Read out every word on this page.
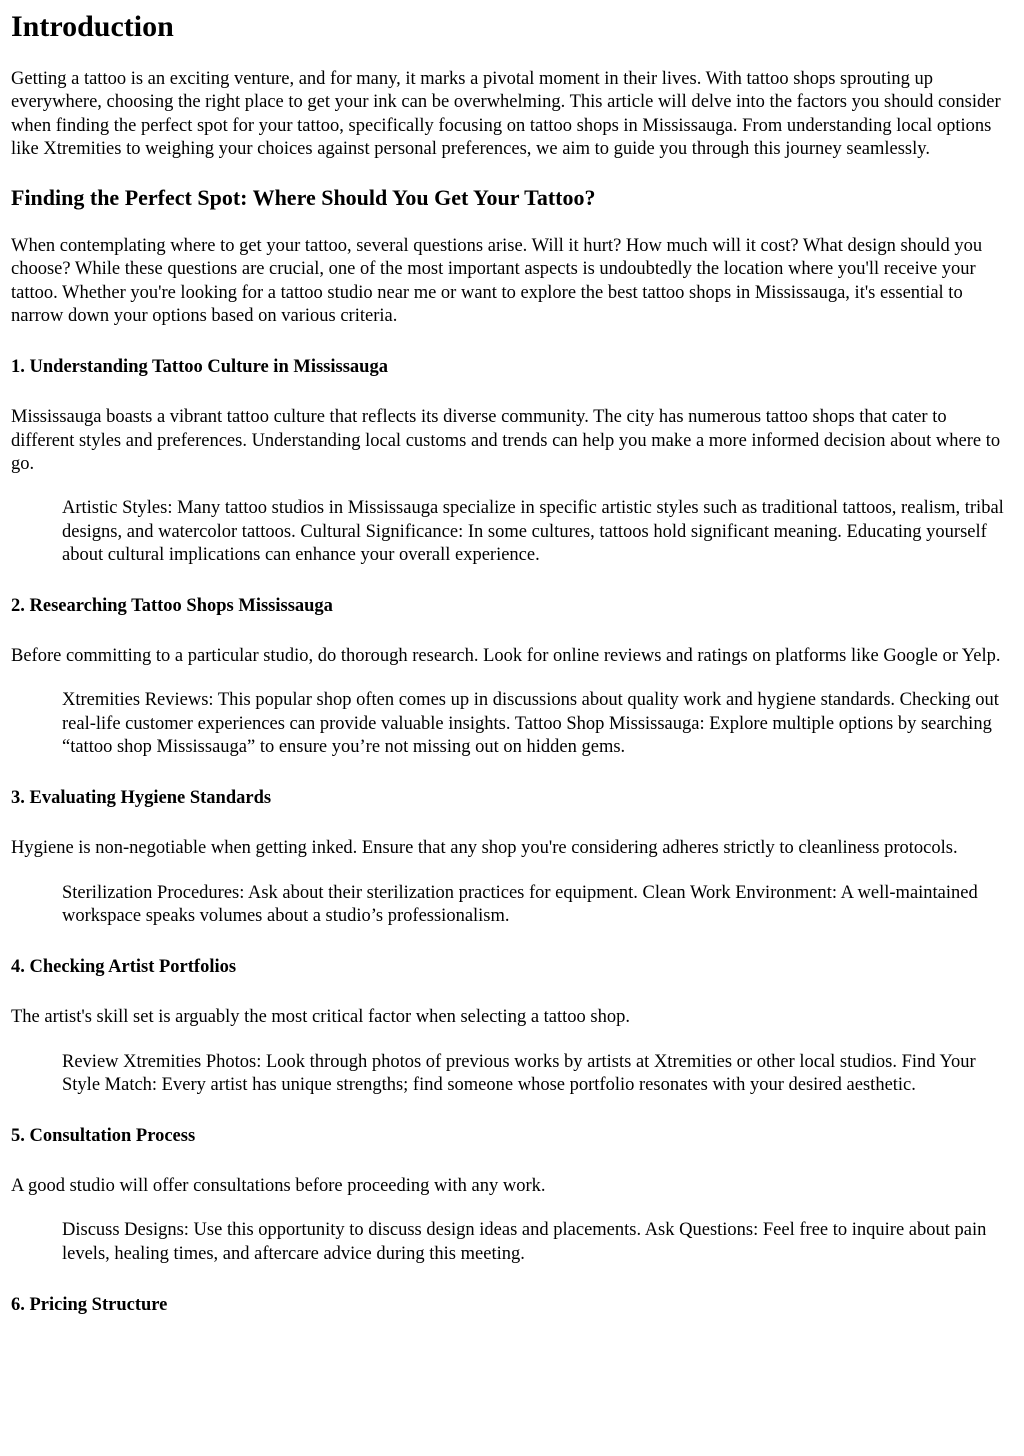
Introduction

Getting a tattoo is an exciting venture, and for many, it marks a pivotal moment in their lives. With tattoo shops sprouting up everywhere, choosing the right place to get your ink can be overwhelming. This article will delve into the factors you should consider when finding the perfect spot for your tattoo, specifically focusing on tattoo shops in Mississauga. From understanding local options like Xtremities to weighing your choices against personal preferences, we aim to guide you through this journey seamlessly.

Finding the Perfect Spot: Where Should You Get Your Tattoo?

When contemplating where to get your tattoo, several questions arise. Will it hurt? How much will it cost? What design should you choose? While these questions are crucial, one of the most important aspects is undoubtedly the location where you'll receive your tattoo. Whether you're looking for a tattoo studio near me or want to explore the best tattoo shops in Mississauga, it's essential to narrow down your options based on various criteria.

1. Understanding Tattoo Culture in Mississauga

Mississauga boasts a vibrant tattoo culture that reflects its diverse community. The city has numerous tattoo shops that cater to different styles and preferences. Understanding local customs and trends can help you make a more informed decision about where to go.

Artistic Styles: Many tattoo studios in Mississauga specialize in specific artistic styles such as traditional tattoos, realism, tribal designs, and watercolor tattoos. Cultural Significance: In some cultures, tattoos hold significant meaning. Educating yourself about cultural implications can enhance your overall experience.
2. Researching Tattoo Shops Mississauga

Before committing to a particular studio, do thorough research. Look for online reviews and ratings on platforms like Google or Yelp.

Xtremities Reviews: This popular shop often comes up in discussions about quality work and hygiene standards. Checking out real-life customer experiences can provide valuable insights. Tattoo Shop Mississauga: Explore multiple options by searching “tattoo shop Mississauga” to ensure you’re not missing out on hidden gems.
3. Evaluating Hygiene Standards

Hygiene is non-negotiable when getting inked. Ensure that any shop you're considering adheres strictly to cleanliness protocols.

Sterilization Procedures: Ask about their sterilization practices for equipment. Clean Work Environment: A well-maintained workspace speaks volumes about a studio’s professionalism.
4. Checking Artist Portfolios

The artist's skill set is arguably the most critical factor when selecting a tattoo shop.

Review Xtremities Photos: Look through photos of previous works by artists at Xtremities or other local studios. Find Your Style Match: Every artist has unique strengths; find someone whose portfolio resonates with your desired aesthetic.
5. Consultation Process

A good studio will offer consultations before proceeding with any work.

Discuss Designs: Use this opportunity to discuss design ideas and placements. Ask Questions: Feel free to inquire about pain levels, healing times, and aftercare advice during this meeting.
6. Pricing Structure
